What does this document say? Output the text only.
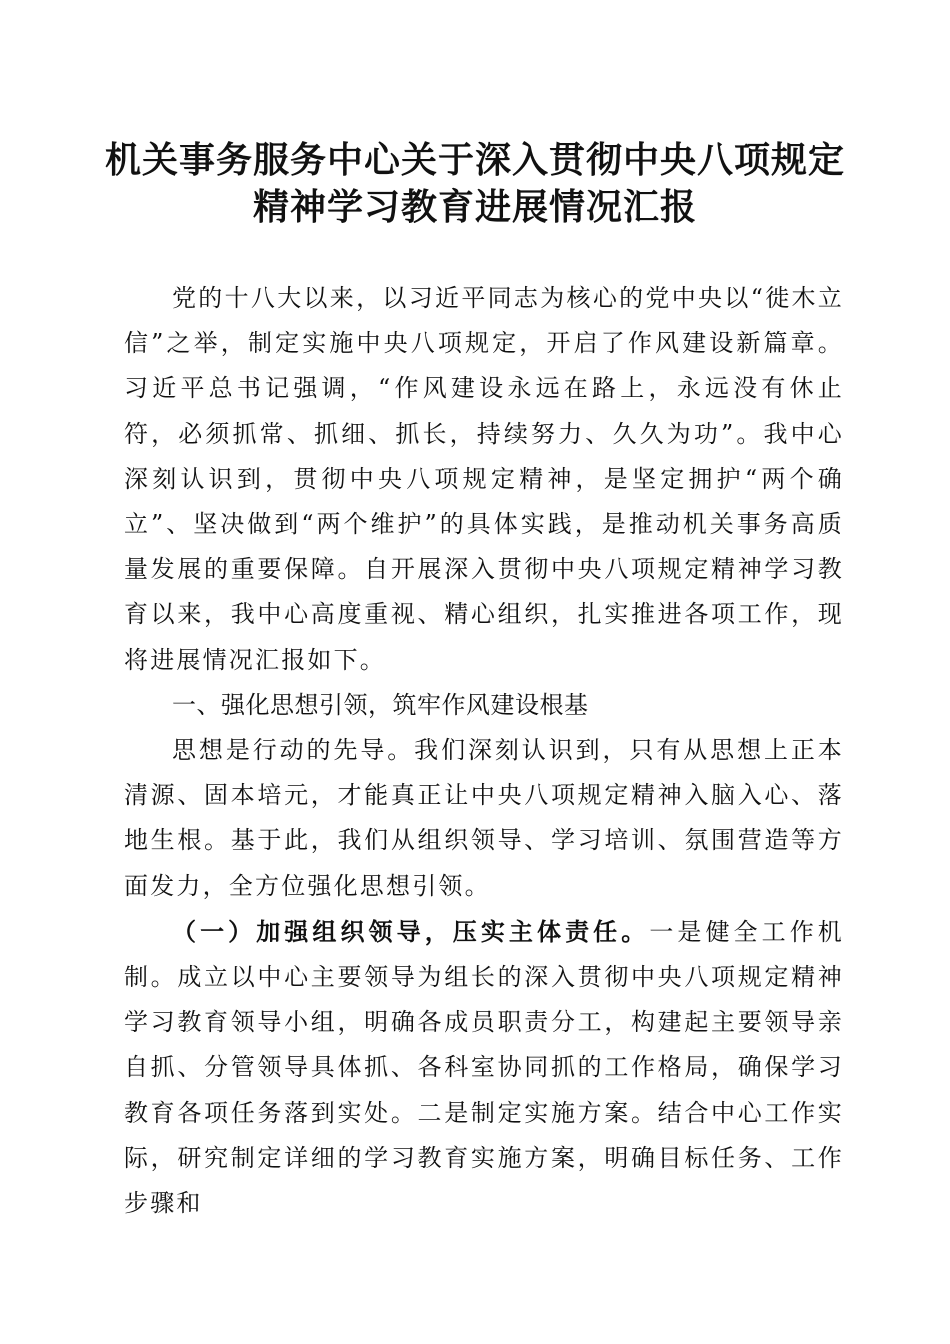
机关事务服务中心关于深入贯彻中央八项规定
精神学习教育进展情况汇报

党的十八大以来，以习近平同志为核心的党中央以“徙木立信”之举，制定实施中央八项规定，开启了作风建设新篇章。习近平总书记强调，“作风建设永远在路上，永远没有休止符，必须抓常、抓细、抓长，持续努力、久久为功”。我中心深刻认识到，贯彻中央八项规定精神，是坚定拥护“两个确立”、坚决做到“两个维护”的具体实践，是推动机关事务高质量发展的重要保障。自开展深入贯彻中央八项规定精神学习教育以来，我中心高度重视、精心组织，扎实推进各项工作，现将进展情况汇报如下。

一、强化思想引领，筑牢作风建设根基

思想是行动的先导。我们深刻认识到，只有从思想上正本清源、固本培元，才能真正让中央八项规定精神入脑入心、落地生根。基于此，我们从组织领导、学习培训、氛围营造等方面发力，全方位强化思想引领。

（一）加强组织领导，压实主体责任。一是健全工作机制。成立以中心主要领导为组长的深入贯彻中央八项规定精神学习教育领导小组，明确各成员职责分工，构建起主要领导亲自抓、分管领导具体抓、各科室协同抓的工作格局，确保学习教育各项任务落到实处。二是制定实施方案。结合中心工作实际，研究制定详细的学习教育实施方案，明确目标任务、工作步骤和
